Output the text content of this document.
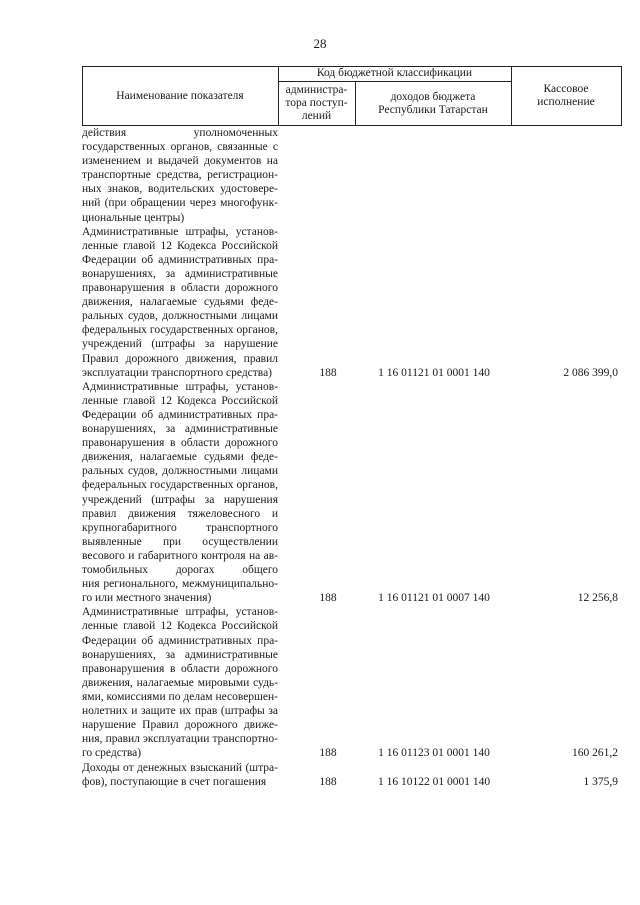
28
Наименование показателя
Код бюджетной классификации
администра-
тора поступ-
лений
доходов бюджета
Республики Татарстан
Кассовое
исполнение
действия уполномоченных
государственных органов, связанные с
изменением и выдачей документов на
транспортные средства, регистрацион-
ных знаков, водительских удостовере-
ний (при обращении через многофунк-
циональные центры)
Административные штрафы, установ-
ленные главой 12 Кодекса Российской
Федерации об административных пра-
вонарушениях, за административные
правонарушения в области дорожного
движения, налагаемые судьями феде-
ральных судов, должностными лицами
федеральных государственных органов,
учреждений (штрафы за нарушение
Правил дорожного движения, правил
эксплуатации транспортного средства)	188	1 16 01121 01 0001 140	2 086 399,0
Административные штрафы, установ-
ленные главой 12 Кодекса Российской
Федерации об административных пра-
вонарушениях, за административные
правонарушения в области дорожного
движения, налагаемые судьями феде-
ральных судов, должностными лицами
федеральных государственных органов,
учреждений (штрафы за нарушения
правил движения тяжеловесного и
крупногабаритного транспортного
выявленные при осуществлении
весового и габаритного контроля на ав-
томобильных дорогах общего
ния регионального, межмуниципально-
го или местного значения)	188	1 16 01121 01 0007 140	12 256,8
Административные штрафы, установ-
ленные главой 12 Кодекса Российской
Федерации об административных пра-
вонарушениях, за административные
правонарушения в области дорожного
движения, налагаемые мировыми судь-
ями, комиссиями по делам несовершен-
нолетних и защите их прав (штрафы за
нарушение Правил дорожного движе-
ния, правил эксплуатации транспортно-
го средства)	188	1 16 01123 01 0001 140	160 261,2
Доходы от денежных взысканий (штра-
фов), поступающие в счет погашения	188	1 16 10122 01 0001 140	1 375,9
